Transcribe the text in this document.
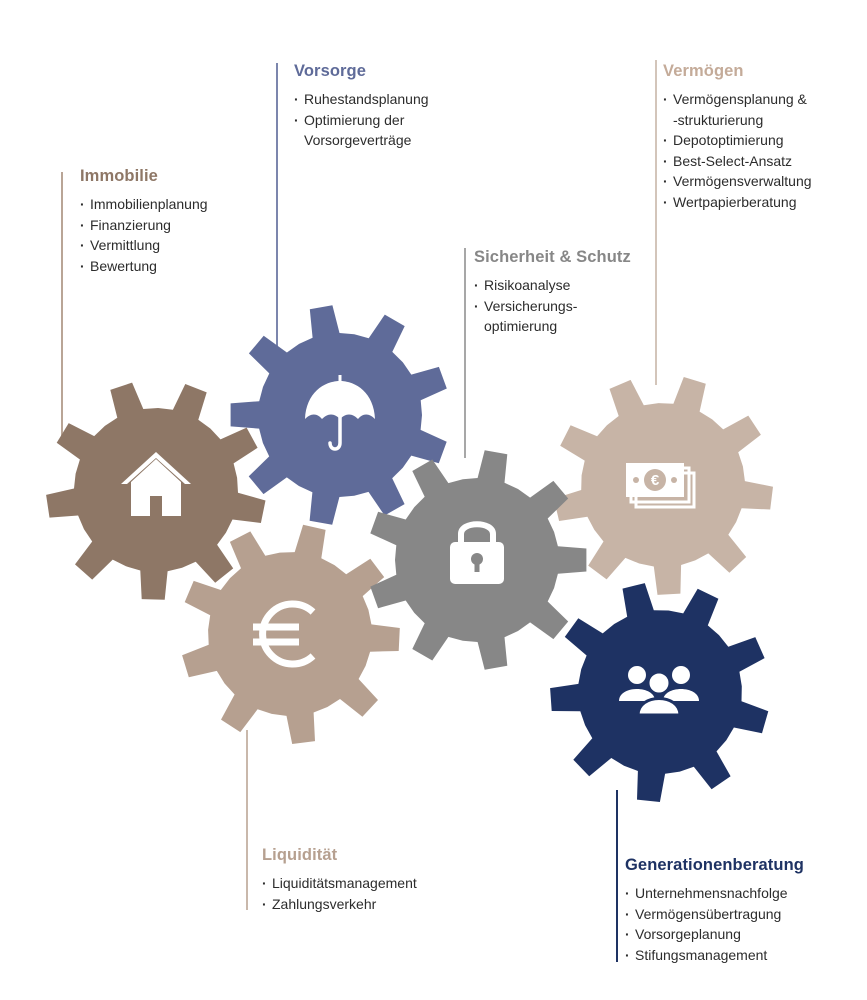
€
Immobilie
· Immobilienplanung
· Finanzierung
· Vermittlung
· Bewertung
Vorsorge
· Ruhestandsplanung
· Optimierung der
Vorsorgeverträge
Sicherheit & Schutz
· Risikoanalyse
· Versicherungs-
optimierung
Vermögen
· Vermögensplanung &
-strukturierung
· Depotoptimierung
· Best-Select-Ansatz
· Vermögensverwaltung
· Wertpapierberatung
Liquidität
· Liquiditätsmanagement
· Zahlungsverkehr
Generationenberatung
· Unternehmensnachfolge
· Vermögensübertragung
· Vorsorgeplanung
· Stifungsmanagement
